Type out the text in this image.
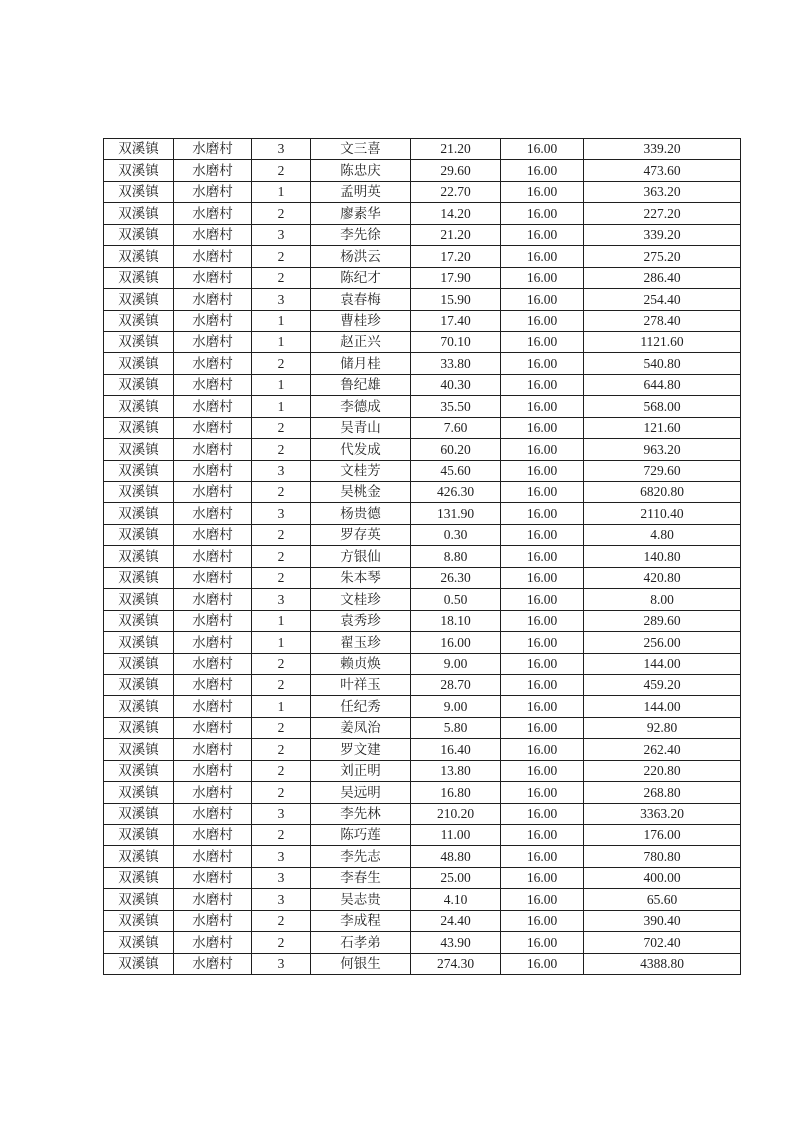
双溪镇	水磨村	3	文三喜	21.20	16.00	339.20
双溪镇	水磨村	2	陈忠庆	29.60	16.00	473.60
双溪镇	水磨村	1	孟明英	22.70	16.00	363.20
双溪镇	水磨村	2	廖素华	14.20	16.00	227.20
双溪镇	水磨村	3	李先徐	21.20	16.00	339.20
双溪镇	水磨村	2	杨洪云	17.20	16.00	275.20
双溪镇	水磨村	2	陈纪才	17.90	16.00	286.40
双溪镇	水磨村	3	袁春梅	15.90	16.00	254.40
双溪镇	水磨村	1	曹桂珍	17.40	16.00	278.40
双溪镇	水磨村	1	赵正兴	70.10	16.00	1121.60
双溪镇	水磨村	2	储月桂	33.80	16.00	540.80
双溪镇	水磨村	1	鲁纪雄	40.30	16.00	644.80
双溪镇	水磨村	1	李德成	35.50	16.00	568.00
双溪镇	水磨村	2	吴青山	7.60	16.00	121.60
双溪镇	水磨村	2	代发成	60.20	16.00	963.20
双溪镇	水磨村	3	文桂芳	45.60	16.00	729.60
双溪镇	水磨村	2	吴桃金	426.30	16.00	6820.80
双溪镇	水磨村	3	杨贵德	131.90	16.00	2110.40
双溪镇	水磨村	2	罗存英	0.30	16.00	4.80
双溪镇	水磨村	2	方银仙	8.80	16.00	140.80
双溪镇	水磨村	2	朱本琴	26.30	16.00	420.80
双溪镇	水磨村	3	文桂珍	0.50	16.00	8.00
双溪镇	水磨村	1	袁秀珍	18.10	16.00	289.60
双溪镇	水磨村	1	翟玉珍	16.00	16.00	256.00
双溪镇	水磨村	2	赖贞焕	9.00	16.00	144.00
双溪镇	水磨村	2	叶祥玉	28.70	16.00	459.20
双溪镇	水磨村	1	任纪秀	9.00	16.00	144.00
双溪镇	水磨村	2	姜凤治	5.80	16.00	92.80
双溪镇	水磨村	2	罗文建	16.40	16.00	262.40
双溪镇	水磨村	2	刘正明	13.80	16.00	220.80
双溪镇	水磨村	2	吴远明	16.80	16.00	268.80
双溪镇	水磨村	3	李先林	210.20	16.00	3363.20
双溪镇	水磨村	2	陈巧莲	11.00	16.00	176.00
双溪镇	水磨村	3	李先志	48.80	16.00	780.80
双溪镇	水磨村	3	李春生	25.00	16.00	400.00
双溪镇	水磨村	3	吴志贵	4.10	16.00	65.60
双溪镇	水磨村	2	李成程	24.40	16.00	390.40
双溪镇	水磨村	2	石孝弟	43.90	16.00	702.40
双溪镇	水磨村	3	何银生	274.30	16.00	4388.80
